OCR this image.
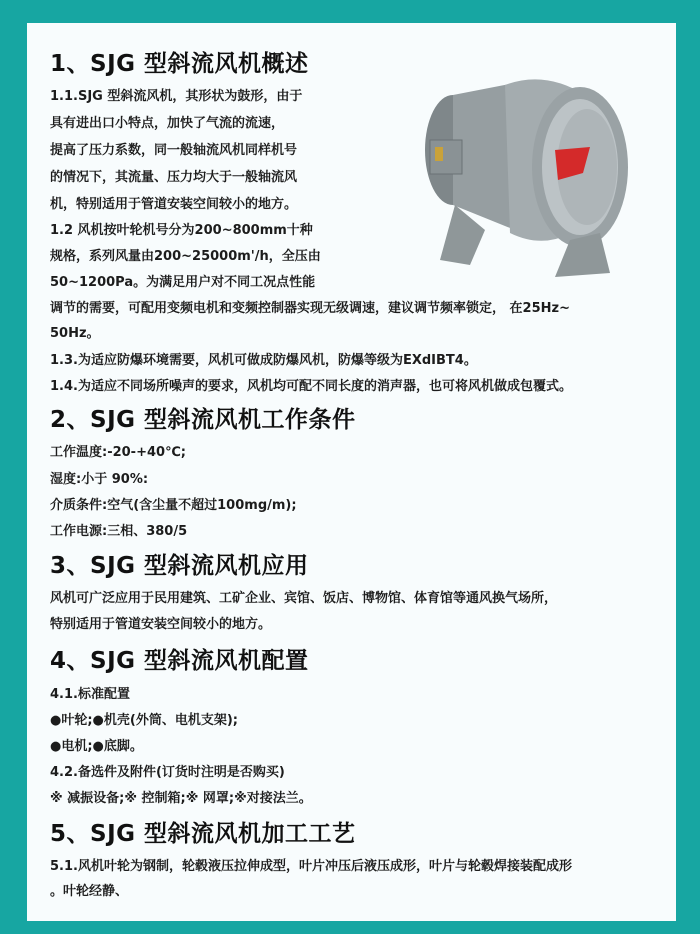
1、SJG 型斜流风机概述
1.1.SJG 型斜流风机，其形状为鼓形，由于
具有进出口小特点，加快了气流的流速，
提高了压力系数，同一般轴流风机同样机号
的情况下，其流量、压力均大于一般轴流风
机，特别适用于管道安装空间较小的地方。
1.2 风机按叶轮机号分为200~800mm十种
规格，系列风量由200~25000m'/h，全压由
50~1200Pa。为满足用户对不同工况点性能
调节的需要，可配用变频电机和变频控制器实现无级调速，建议调节频率锁定， 在25Hz~
50Hz。
1.3.为适应防爆环境需要，风机可做成防爆风机，防爆等级为EXdIBT4。
1.4.为适应不同场所噪声的要求，风机均可配不同长度的消声器，也可将风机做成包覆式。
2、SJG 型斜流风机工作条件
工作温度:-20-+40℃;
湿度:小于 90%:
介质条件:空气(含尘量不超过100mg/m);
工作电源:三相、380/5
3、SJG 型斜流风机应用
风机可广泛应用于民用建筑、工矿企业、宾馆、饭店、博物馆、体育馆等通风换气场所，
特别适用于管道安装空间较小的地方。
4、SJG 型斜流风机配置
4.1.标准配置
●叶轮;●机壳(外筒、电机支架);
●电机;●底脚。
4.2.备选件及附件(订货时注明是否购买)
※ 减振设备;※ 控制箱;※ 网罩;※对接法兰。
5、SJG 型斜流风机加工工艺
5.1.风机叶轮为钢制，轮毂液压拉伸成型，叶片冲压后液压成形，叶片与轮毂焊接装配成形
。叶轮经静、
